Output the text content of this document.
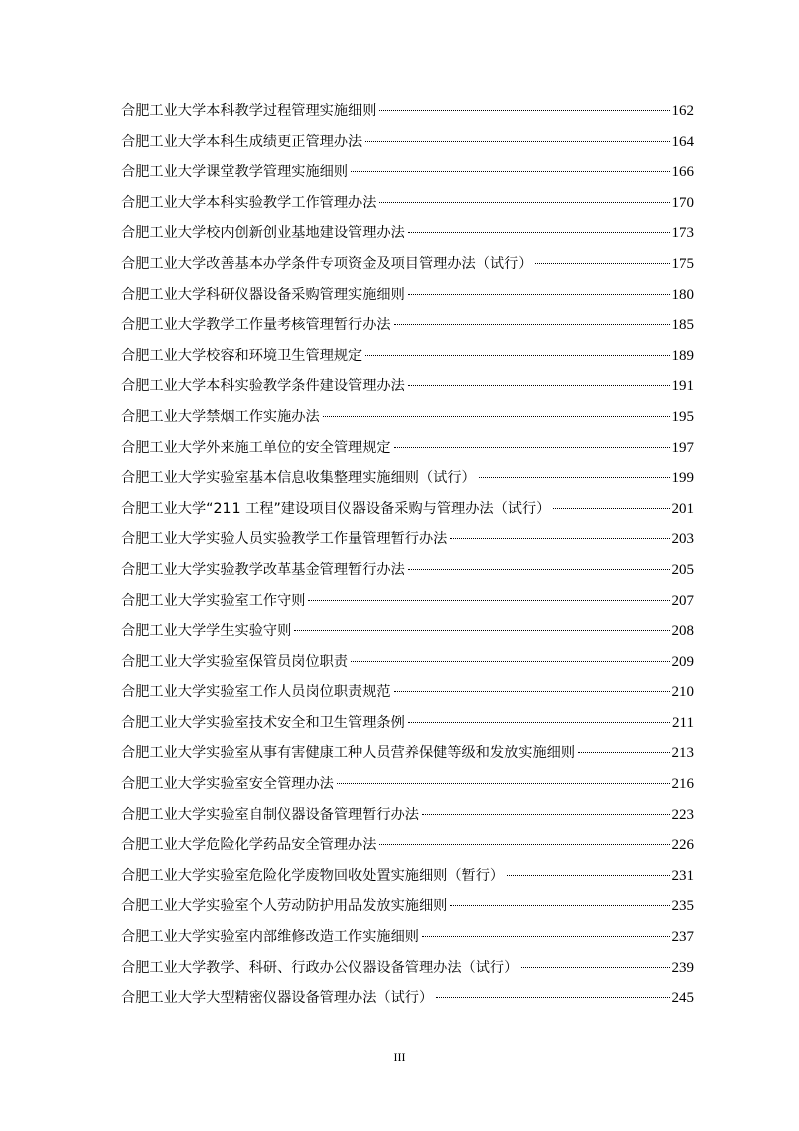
合肥工业大学本科教学过程管理实施细则	162
合肥工业大学本科生成绩更正管理办法	164
合肥工业大学课堂教学管理实施细则	166
合肥工业大学本科实验教学工作管理办法	170
合肥工业大学校内创新创业基地建设管理办法	173
合肥工业大学改善基本办学条件专项资金及项目管理办法（试行）	175
合肥工业大学科研仪器设备采购管理实施细则	180
合肥工业大学教学工作量考核管理暂行办法	185
合肥工业大学校容和环境卫生管理规定	189
合肥工业大学本科实验教学条件建设管理办法	191
合肥工业大学禁烟工作实施办法	195
合肥工业大学外来施工单位的安全管理规定	197
合肥工业大学实验室基本信息收集整理实施细则（试行）	199
合肥工业大学“211 工程”建设项目仪器设备采购与管理办法（试行）	201
合肥工业大学实验人员实验教学工作量管理暂行办法	203
合肥工业大学实验教学改革基金管理暂行办法	205
合肥工业大学实验室工作守则	207
合肥工业大学学生实验守则	208
合肥工业大学实验室保管员岗位职责	209
合肥工业大学实验室工作人员岗位职责规范	210
合肥工业大学实验室技术安全和卫生管理条例	211
合肥工业大学实验室从事有害健康工种人员营养保健等级和发放实施细则	213
合肥工业大学实验室安全管理办法	216
合肥工业大学实验室自制仪器设备管理暂行办法	223
合肥工业大学危险化学药品安全管理办法	226
合肥工业大学实验室危险化学废物回收处置实施细则（暂行）	231
合肥工业大学实验室个人劳动防护用品发放实施细则	235
合肥工业大学实验室内部维修改造工作实施细则	237
合肥工业大学教学、科研、行政办公仪器设备管理办法（试行）	239
合肥工业大学大型精密仪器设备管理办法（试行）	245
III
